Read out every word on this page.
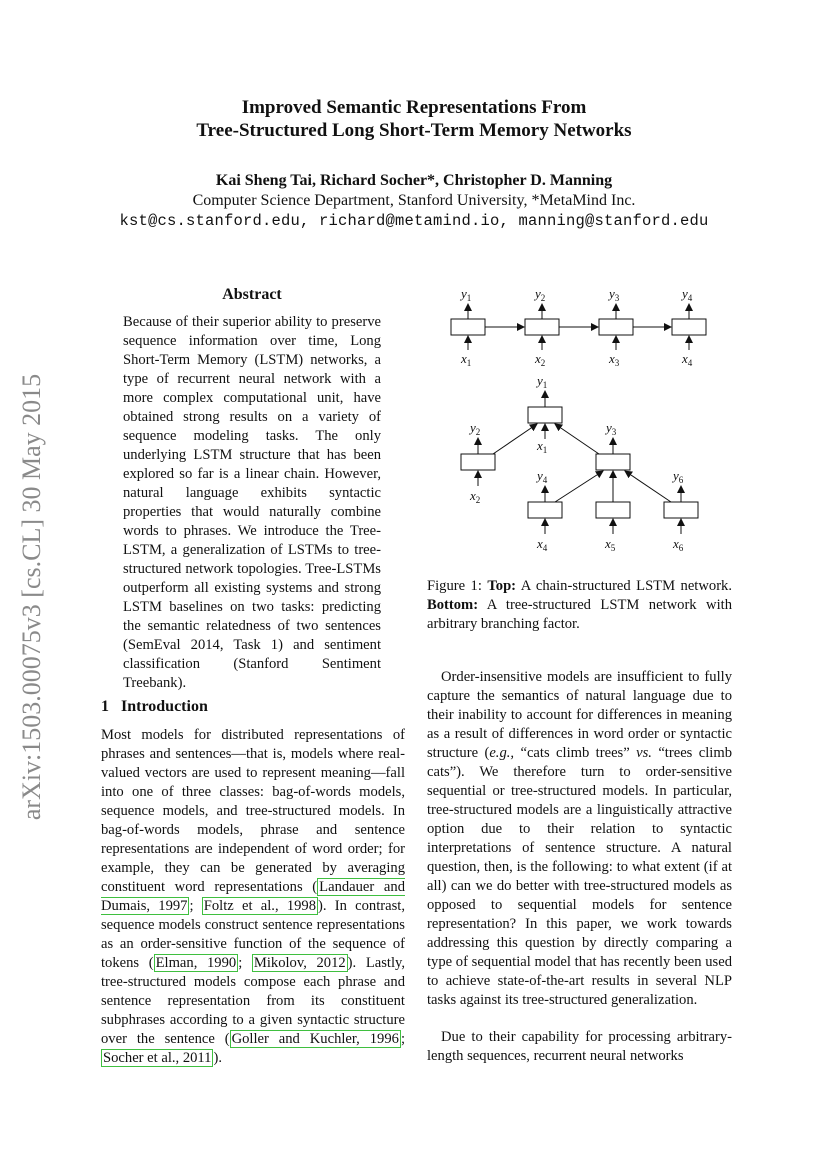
Improved Semantic Representations From
Tree-Structured Long Short-Term Memory Networks
Kai Sheng Tai, Richard Socher*, Christopher D. Manning
Computer Science Department, Stanford University, *MetaMind Inc.
kst@cs.stanford.edu, richard@metamind.io, manning@stanford.edu
arXiv:1503.00075v3 [cs.CL] 30 May 2015
Abstract
Because of their superior ability to preserve sequence information over time, Long Short-Term Memory (LSTM) networks, a type of recurrent neural network with a more complex computational unit, have obtained strong results on a variety of sequence modeling tasks. The only underlying LSTM structure that has been explored so far is a linear chain. However, natural language exhibits syntactic properties that would naturally combine words to phrases. We introduce the Tree-LSTM, a generalization of LSTMs to tree-structured network topologies. Tree-LSTMs outperform all existing systems and strong LSTM baselines on two tasks: predicting the semantic relatedness of two sentences (SemEval 2014, Task 1) and sentiment classification (Stanford Sentiment Treebank).
1 Introduction
Most models for distributed representations of phrases and sentences—that is, models where real-valued vectors are used to represent meaning—fall into one of three classes: bag-of-words models, sequence models, and tree-structured models. In bag-of-words models, phrase and sentence representations are independent of word order; for example, they can be generated by averaging constituent word representations ( Landauer and Dumais, 1997 ; Foltz et al., 1998 ). In contrast, sequence models construct sentence representations as an order-sensitive function of the sequence of tokens ( Elman, 1990 ; Mikolov, 2012 ). Lastly, tree-structured models compose each phrase and sentence representation from its constituent subphrases according to a given syntactic structure over the sentence ( Goller and Kuchler, 1996 ; Socher et al., 2011 ).
$y_1$	$y_2$	$y_3$	$y_4$
$x_1$	$x_2$	$x_3$	$x_4$
$y_1$
$x_1$
$y_2$
$x_2$
$y_3$
$y_4$
$x_4$	$x_5$
$y_6$
$x_6$
Figure 1: Top: A chain-structured LSTM network. Bottom: A tree-structured LSTM network with arbitrary branching factor.
Order-insensitive models are insufficient to fully capture the semantics of natural language due to their inability to account for differences in meaning as a result of differences in word order or syntactic structure (e.g., “cats climb trees” vs. “trees climb cats”). We therefore turn to order-sensitive sequential or tree-structured models. In particular, tree-structured models are a linguistically attractive option due to their relation to syntactic interpretations of sentence structure. A natural question, then, is the following: to what extent (if at all) can we do better with tree-structured models as opposed to sequential models for sentence representation? In this paper, we work towards addressing this question by directly comparing a type of sequential model that has recently been used to achieve state-of-the-art results in several NLP tasks against its tree-structured generalization.
Due to their capability for processing arbitrary-length sequences, recurrent neural networks
